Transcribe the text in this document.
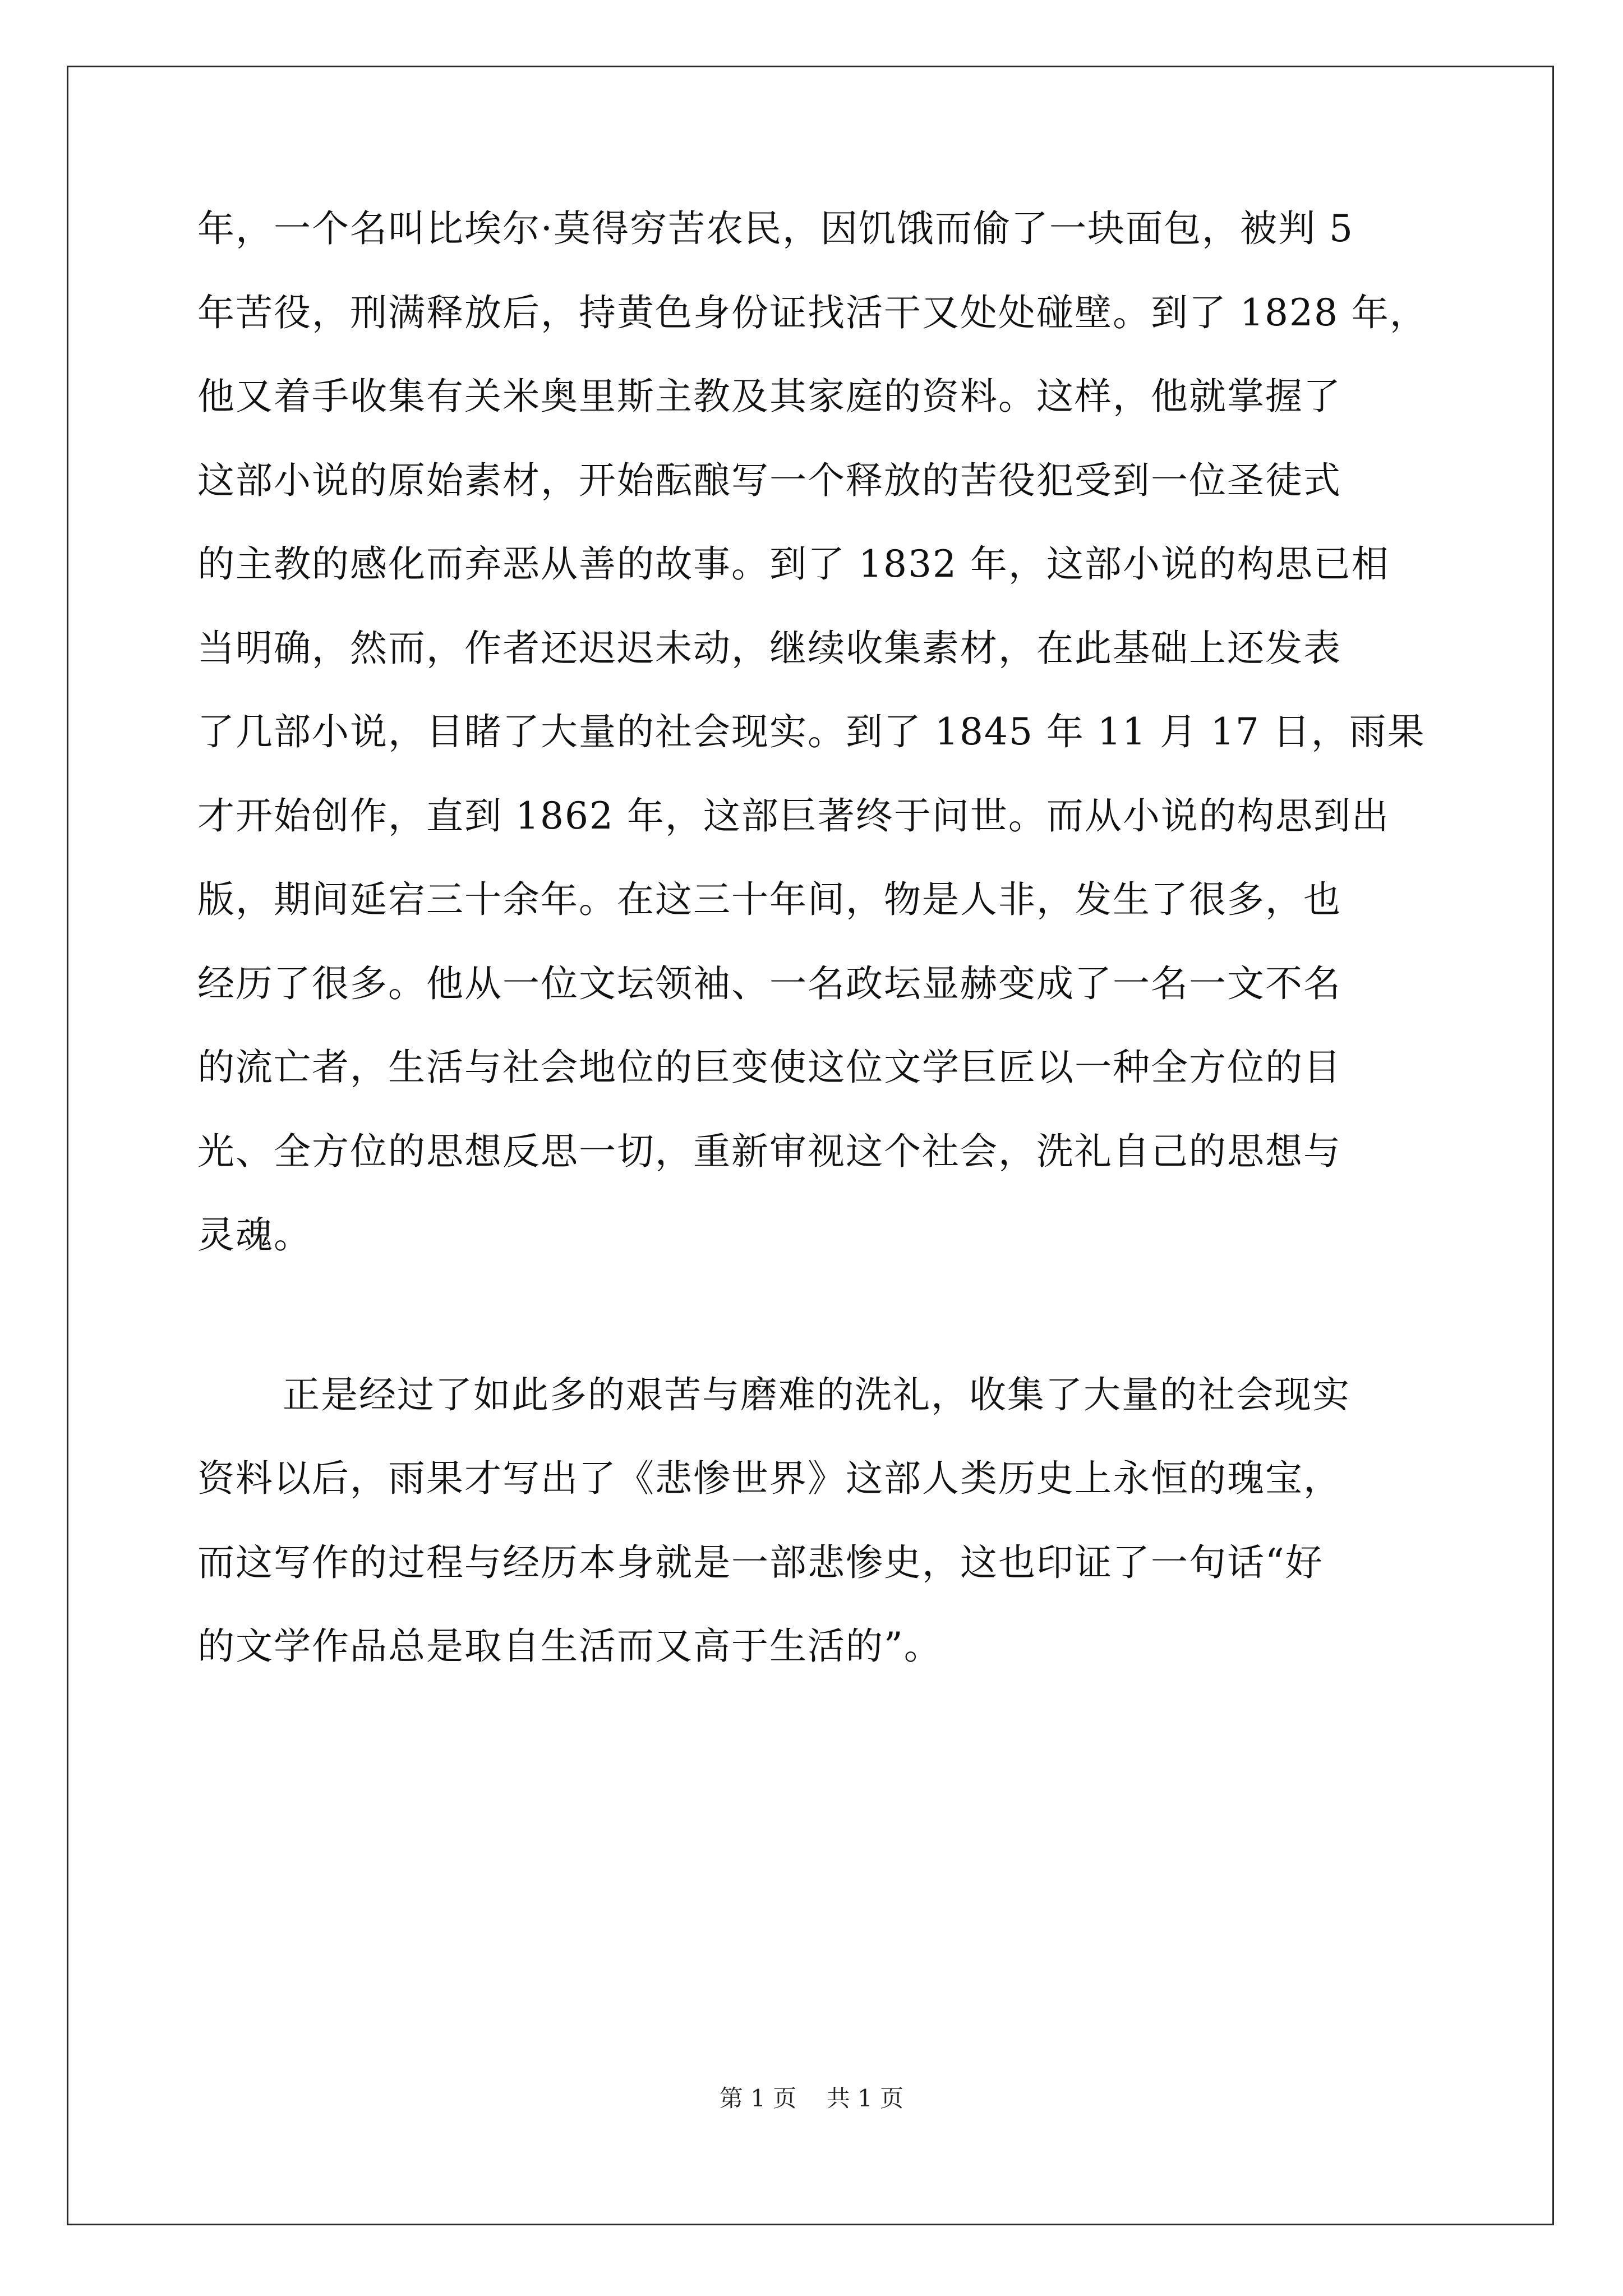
年，一个名叫比埃尔·莫得穷苦农民，因饥饿而偷了一块面包，被判 5
年苦役，刑满释放后，持黄色身份证找活干又处处碰壁。到了 1828 年，
他又着手收集有关米奥里斯主教及其家庭的资料。这样，他就掌握了
这部小说的原始素材，开始酝酿写一个释放的苦役犯受到一位圣徒式
的主教的感化而弃恶从善的故事。到了 1832 年，这部小说的构思已相
当明确，然而，作者还迟迟未动，继续收集素材，在此基础上还发表
了几部小说，目睹了大量的社会现实。到了 1845 年 11 月 17 日，雨果
才开始创作，直到 1862 年，这部巨著终于问世。而从小说的构思到出
版，期间延宕三十余年。在这三十年间，物是人非，发生了很多，也
经历了很多。他从一位文坛领袖、一名政坛显赫变成了一名一文不名
的流亡者，生活与社会地位的巨变使这位文学巨匠以一种全方位的目
光、全方位的思想反思一切，重新审视这个社会，洗礼自己的思想与
灵魂。
正是经过了如此多的艰苦与磨难的洗礼，收集了大量的社会现实
资料以后，雨果才写出了《悲惨世界》这部人类历史上永恒的瑰宝，
而这写作的过程与经历本身就是一部悲惨史，这也印证了一句话“好
的文学作品总是取自生活而又高于生活的”。
第 1 页    共 1 页
